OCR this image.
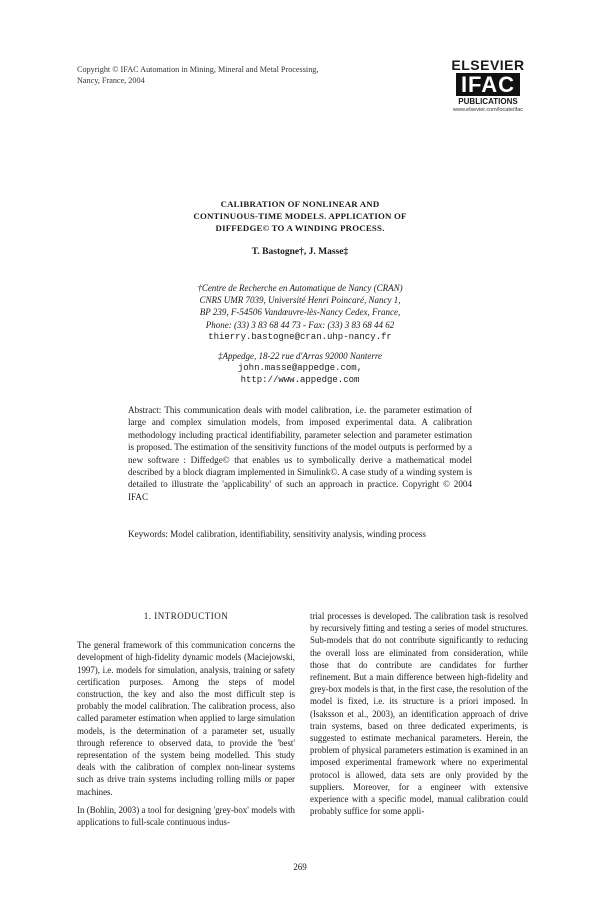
Copyright © IFAC Automation in Mining, Mineral and Metal Processing,
Nancy, France, 2004
ELSEVIER
IFAC
PUBLICATIONS
www.elsevier.com/locate/ifac
CALIBRATION OF NONLINEAR AND
CONTINUOUS-TIME MODELS. APPLICATION OF
DIFFEDGE© TO A WINDING PROCESS.
T. Bastogne†, J. Masse‡
†Centre de Recherche en Automatique de Nancy (CRAN)
CNRS UMR 7039, Université Henri Poincaré, Nancy 1,
BP 239, F-54506 Vandœuvre-lès-Nancy Cedex, France,
Phone: (33) 3 83 68 44 73 - Fax: (33) 3 83 68 44 62
thierry.bastogne@cran.uhp-nancy.fr
‡Appedge, 18-22 rue d'Arras 92000 Nanterre
john.masse@appedge.com,
http://www.appedge.com
Abstract: This communication deals with model calibration, i.e. the parameter estimation of large and complex simulation models, from imposed experimental data. A calibration methodology including practical identifiability, parameter selection and parameter estimation is proposed. The estimation of the sensitivity functions of the model outputs is performed by a new software : Diffedge© that enables us to symbolically derive a mathematical model described by a block diagram implemented in Simulink©. A case study of a winding system is detailed to illustrate the 'applicability' of such an approach in practice. Copyright © 2004 IFAC
Keywords: Model calibration, identifiability, sensitivity analysis, winding process
1. INTRODUCTION

The general framework of this communication concerns the development of high-fidelity dynamic models (Maciejowski, 1997), i.e. models for simulation, analysis, training or safety certification purposes. Among the steps of model construction, the key and also the most difficult step is probably the model calibration. The calibration process, also called parameter estimation when applied to large simulation models, is the determination of a parameter set, usually through reference to observed data, to provide the 'best' representation of the system being modelled. This study deals with the calibration of complex non-linear systems such as drive train systems including rolling mills or paper machines.

In (Bohlin, 2003) a tool for designing 'grey-box' models with applications to full-scale continuous indus-

trial processes is developed. The calibration task is resolved by recursively fitting and testing a series of model structures. Sub-models that do not contribute significantly to reducing the overall loss are eliminated from consideration, while those that do contribute are candidates for further refinement. But a main difference between high-fidelity and grey-box models is that, in the first case, the resolution of the model is fixed, i.e. its structure is a priori imposed. In (Isaksson et al., 2003), an identification approach of drive train systems, based on three dedicated experiments, is suggested to estimate mechanical parameters. Herein, the problem of physical parameters estimation is examined in an imposed experimental framework where no experimental protocol is allowed, data sets are only provided by the suppliers. Moreover, for a engineer with extensive experience with a specific model, manual calibration could probably suffice for some appli-

269
